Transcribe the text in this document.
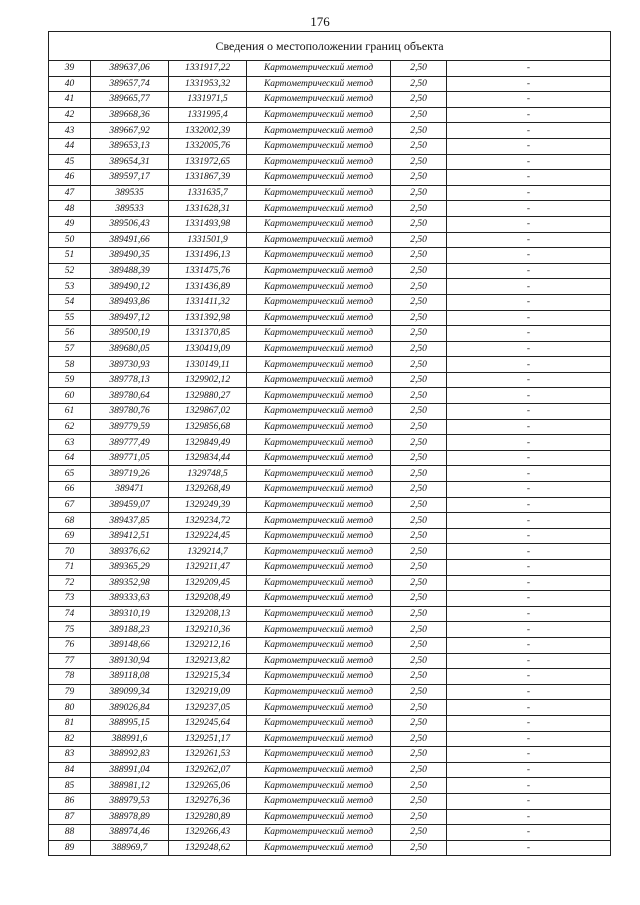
176
Сведения о местоположении границ объекта					
39	389637,06	1331917,22	Картометрический метод	2,50	-
40	389657,74	1331953,32	Картометрический метод	2,50	-
41	389665,77	1331971,5	Картометрический метод	2,50	-
42	389668,36	1331995,4	Картометрический метод	2,50	-
43	389667,92	1332002,39	Картометрический метод	2,50	-
44	389653,13	1332005,76	Картометрический метод	2,50	-
45	389654,31	1331972,65	Картометрический метод	2,50	-
46	389597,17	1331867,39	Картометрический метод	2,50	-
47	389535	1331635,7	Картометрический метод	2,50	-
48	389533	1331628,31	Картометрический метод	2,50	-
49	389506,43	1331493,98	Картометрический метод	2,50	-
50	389491,66	1331501,9	Картометрический метод	2,50	-
51	389490,35	1331496,13	Картометрический метод	2,50	-
52	389488,39	1331475,76	Картометрический метод	2,50	-
53	389490,12	1331436,89	Картометрический метод	2,50	-
54	389493,86	1331411,32	Картометрический метод	2,50	-
55	389497,12	1331392,98	Картометрический метод	2,50	-
56	389500,19	1331370,85	Картометрический метод	2,50	-
57	389680,05	1330419,09	Картометрический метод	2,50	-
58	389730,93	1330149,11	Картометрический метод	2,50	-
59	389778,13	1329902,12	Картометрический метод	2,50	-
60	389780,64	1329880,27	Картометрический метод	2,50	-
61	389780,76	1329867,02	Картометрический метод	2,50	-
62	389779,59	1329856,68	Картометрический метод	2,50	-
63	389777,49	1329849,49	Картометрический метод	2,50	-
64	389771,05	1329834,44	Картометрический метод	2,50	-
65	389719,26	1329748,5	Картометрический метод	2,50	-
66	389471	1329268,49	Картометрический метод	2,50	-
67	389459,07	1329249,39	Картометрический метод	2,50	-
68	389437,85	1329234,72	Картометрический метод	2,50	-
69	389412,51	1329224,45	Картометрический метод	2,50	-
70	389376,62	1329214,7	Картометрический метод	2,50	-
71	389365,29	1329211,47	Картометрический метод	2,50	-
72	389352,98	1329209,45	Картометрический метод	2,50	-
73	389333,63	1329208,49	Картометрический метод	2,50	-
74	389310,19	1329208,13	Картометрический метод	2,50	-
75	389188,23	1329210,36	Картометрический метод	2,50	-
76	389148,66	1329212,16	Картометрический метод	2,50	-
77	389130,94	1329213,82	Картометрический метод	2,50	-
78	389118,08	1329215,34	Картометрический метод	2,50	-
79	389099,34	1329219,09	Картометрический метод	2,50	-
80	389026,84	1329237,05	Картометрический метод	2,50	-
81	388995,15	1329245,64	Картометрический метод	2,50	-
82	388991,6	1329251,17	Картометрический метод	2,50	-
83	388992,83	1329261,53	Картометрический метод	2,50	-
84	388991,04	1329262,07	Картометрический метод	2,50	-
85	388981,12	1329265,06	Картометрический метод	2,50	-
86	388979,53	1329276,36	Картометрический метод	2,50	-
87	388978,89	1329280,89	Картометрический метод	2,50	-
88	388974,46	1329266,43	Картометрический метод	2,50	-
89	388969,7	1329248,62	Картометрический метод	2,50	-
